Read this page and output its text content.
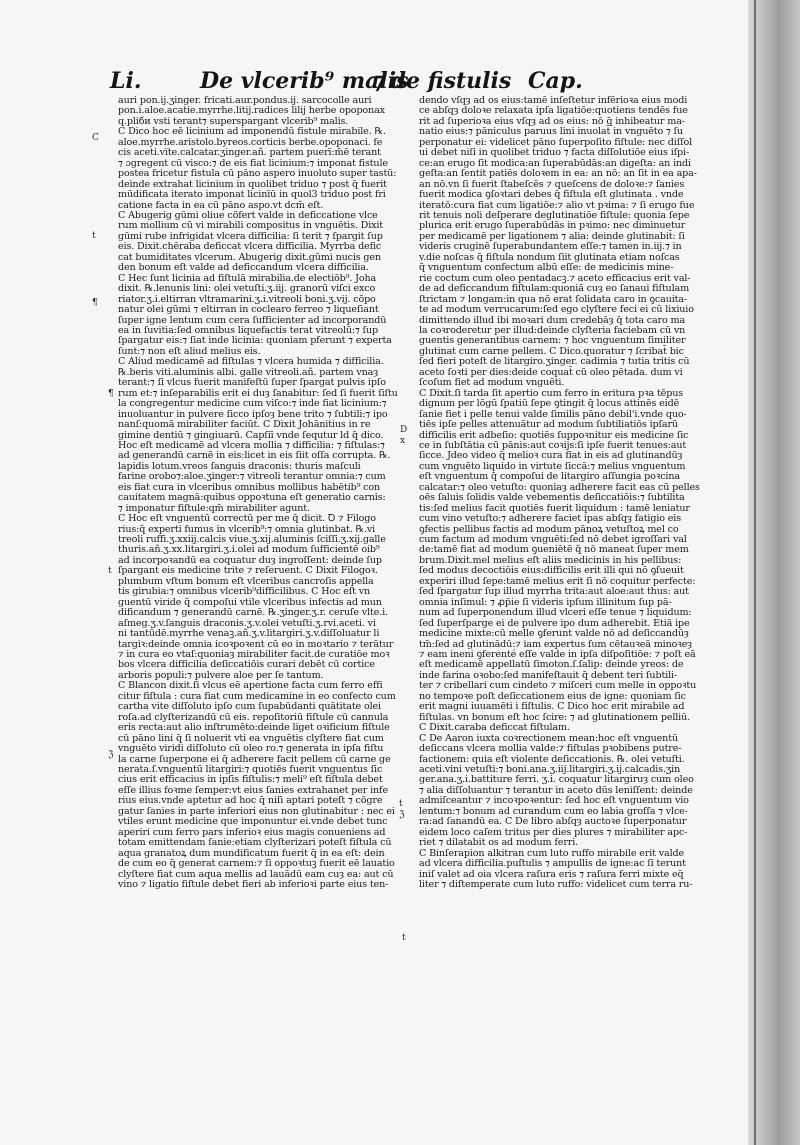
Li.	De vlcerib⁹ malis
⁊ de fistulis Cap.
C
t
¶
¶
t
ℨ
D
x
t
ℨ
t
auri pon.ij.ʒinger. fricati.aur.pondus.ij. sarcocolle auri
pon.i.aloe.acatie.myrrhe.litij.radices lilij herbe opoponax
q.pliби vsti terant⁊ superspargant vlcerib⁹ malis.
C Dico hoc eē licinium ad imponendū fistule mirabile. ℞.
aloe.myrrhe.aristolo.byreos.corticis berbe.opoponaci. fe
cis aceti.vi̅te.calcatar.ʒinger.añ. partem puerī:m̄ē terant
⁊ ɔgregent cū visco:⁊ de eis fiat licinium:⁊ imponat fistule
postea fricetur fistula cū pāno aspero inuoluto super tastū:
deinde extrahat licinium in quolibet triduo ⁊ post q̄ fuerit
mūdificata iterato imponat licinīū in quol3 triduo post fri
catione facta in ea cū pāno aspo.vt dcm̄ eſt.
C Abugerig gūmi oliue cōfert valde in deficcatione vlce
rum mollium cū vi mirabili compositus in vnguētis. Dixit
gūmi rube infrigidat vlcera difficilia: ſi terit ⁊ ſpargit ſup
eis. Dixit.chēraba deficcat vlcera difficilia. Myrrba defic
cat bumiditates vlcerum. Abugerig dixit.gūmi nucis gen
den bonum eſt valde ad deficcandum vlcera difficilia.
C Hec ſunt licinia ad fiſtulā mirabilia.de electiōb⁹. Joha
dixit. ℞.lenunis lini: olei vetuſti.ʒ.iij. granorū viſci exco
riator.ʒ.i.eltirran vltramarini.ʒ.i.vitreoli boni.ʒ.vij. cōpo
natur olei gūmi ⁊ eltirran in coclearo ferreo ⁊ liqueſiant
ſuper igne lentum cum cera ſufficienter ad incorporandū
ea in ſuvitia:ſed omnibus liquefactis terat vitreolū:⁊ ſup
ſpargatur eis:⁊ ſiat inde licinia: quoniam pferunt ⁊ experta
ſunt:⁊ non eſt aliud melius eis.
C Aliud medicamē ad fiſtulas ⁊ vlcera humida ⁊ difficilia.
℞.beris viti.aluminis albi. galle vitreoli.añ. partem vnaȝ
terant:⁊ ſi vlcus fuerit manifeſtū ſuper ſpargat pulvis ipſo
rum et:⁊ inſeparabilis erit ei duȝ ſanabitur: ſed ſi fuerit ſiſtu
la congregentur medicine cum viſco:⁊ inde fiat licinium:⁊
inuoluantur in pulvere ſicco ipſoȝ bene trito ⁊ ſubtili:⁊ ipo
nanſ:quomā mirabiliter faciūt. C Dixit Johānitius in re
gimine dentiū ⁊ gingiuarū. Capſiī vnde ſequtur ld q̄ dico.
Hoc eſt medicamē ad vlcera mollia ⁊ difficilia: ⁊ fiſtulas:⁊
ad generandū carnē in eis:licet in eis ſiit oſſa corrupta. ℞.
lapidis lotum.vreos ſanguis draconis: thuris maſculi
farine orobo⁊:aloe.ʒinger:⁊ vitreoli terantur omnia:⁊ cum
eis fiat cura in vlceribus omnibus mollibus habētib⁹ con
cauitatem magnā:quibus oppoꝛtuna eſt generatio carnis:
⁊ imponatur fiſtule:qm̄ mirabiliter agunt.
C Hoc eſt vnguentū correctū per me q̄ dicit. Ꝺ ⁊ Filogo
rius:q̄ experti fumus in vlcerib⁹:⁊ omnia glutinbat. ℞.vi
treoli ruffi.ʒ.xxiij.calcis viue.ʒ.xij.aluminis ſciſſi.ʒ.xij.galle
thuris.añ.ʒ.xx.litargiri.ʒ.i.olei ad modum ſufficientē oib⁹
ad incorpoꝛandū ea coquatur duȝ ingroſſent: deinde ſup
ſpargant eis medicine trite ⁊ reſeruent. C Dixit Filogoꝛ.
plumbum vſtum bonum eſt vlceribus cancroſis appella
tis girubia:⁊ omnibus vlcerib⁹difficilibus. C Hoc eſt vn
guentū viride q̄ compoſui vtile vlceribus infectis ad mun
dificandum ⁊ generandū carnē. ℞.ʒinger.ʒ.r. ceruſe vlte.i.
aſmeg.ʒ.v.ſanguis draconis.ʒ.v.olei vetuſti.ʒ.rvi.aceti. vi
ni tantūdē.myrrhe venaꝫ.añ.ʒ.v.litargiri.ʒ.v.diſſoluatur li
targiꝛ:deinde omnia icoꝛpoꝛent cū eo in moꝛtario ⁊ terātur
⁊ in cura eo vtaſ:quoniaȝ mirabiliter facit.de curatiōe moꝛ
bos vlcera difficilia deſiccatiōis curari debēt cū cortice
arboris populi:⁊ pulvere aloe per ſe tantum.
C Blancon dixit.ſi vlcus eē apertione facta cum ferro effi
citur fiſtula : cura fiat cum medicamine in eo confecto cum
cartha vite diſſoluto ipſo cum ſupabūdanti quātitate olei
roſa.ad clyſterizandū cū eis. repoſitoriū fiſtule cū cannula
eris recta:aut alio inſtrumēto:deinde liget oꝛificium fiſtule
cū pāno lini q̄ ſi noluerit vti ea vnguētis clyſtere fiat cum
vnguēto viridi diſſoluto cū oleo ro.⁊ generata in ipſa fiſtu
la carne ſuperpone ei q̄ adherere facit pellem cū carne ge
nerata.ſ.vnguentū litargiri:⁊ quotiēs fuerit vnguentus ſic
cius erit efficacius in ipſis fiſtulis:⁊ meli⁹ eſt fiſtula debet
eſſe illius foꝛme ſemper:vt eius ſanies extrahanet per infe
rius eius.vnde aptetur ad hoc q̄ niſi aptari poteſt ⁊ cōgre
gatur ſanies in parte inferiori eius non glutinabitur : nec ei
vtiles erunt medicine que imponuntur ei.vnde debet tunc
aperiri cum ferro pars inferioꝛ eius magis conueniens ad
totam emittendam ſanie:etiam clyſterizari poteſt fiſtula cū
aqua granatoꝝ dum mundificatum fuerit q̄ in ea eſt: dein
de cum eo q̄ generat carnem:⁊ ſi oppoꝛtuꝫ fuerit eē lauatio
clyſtere fiat cum aqua mellis ad lauādū eam cuȝ ea: aut cū
vino ⁊ ligatio fiſtule debet fieri ab inferioꝛi parte eius ten-
dendo vſqȝ ad os eius:tamē inſeſtetur infērioꝛa eius modi
ce abſqȝ doloꝛe relaxata ipſa ligatiōe:quotiens tendēs fue
rit ad ſuperioꝛa eius vſqȝ ad os eius: nō q̄ inhibeatur ma-
natio eius:⁊ pāniculus paruus lini inuolat̄ in vnguēto ⁊ ſu
perponatur ei: videlicet pāno ſuperpoſito fiſtule: nec diſſol
ui debet niſi in quolibet triduo ⁊ facta diſſolutiōe eius iſpi-
ce:an erugo ſit modica:an ſuperabūdās:an digeſta: an indi
geſta:an ſentit patiēs doloꝛem in ea: an nō: an ſit in ea apa-
an nō.vn ſi fuerit ſtabeſcēs ⁊ queſcens de doloꝛe:⁊ ſanies
fuerit modica ꝯſoꝛtari debes q̄ fiſtula eſt glutinata . vnde
iteratō:cura fiat cum ligatiōe:⁊ alio vt pꝛima: ⁊ ſi erugo fue
rit tenuis noli deſperare deglutinatiōe fiſtule: quonia ſepe
plurica erit erugo ſuperabūdās in pꝛimo: nec diminuetur
per medicamē per ligationem ⁊ alia: deinde glutinabit̄: ſi
videris cruginē ſuperabundantem eſſe:⁊ tamen in.iij.⁊ in
v.die noſcas q̄ fiſtula nondum ſiit glutinata etiam noſcas
q̄ vnguentum confectum albū eſſe: de medicinis mine-
rie coctum cum oleo pentadacꝫ.⁊ aceto efficacius erit val-
de ad deficcandum fiſtulam:quoniā cuȝ eo ſanaui fiſtulam
ſtrictam ⁊ longam:in qua nō erat ſolidata caro in ꝯcauita-
te ad modum verrucarum:ſed ego clyſtere feci ei cū lixiuio
dimittendo illud ibi moꝛari dum credebāȝ q̄ tota caro ma
la coꝛroderetur per illud:deinde clyſteria faciebam cū vn
guentis generantibus carnem: ⁊ hoc vnguentum ſimiliter
glutinat cum carne pellem. C Dico.quoratur ⁊ ſcribat̄ bic
ſed fieri poteſt de litargiro.ʒinger. cadimia ⁊ tutia tritis cū
aceto ſoꝛti per dies:deide coquat̄ cū oleo pētada. dum vi
ſcoſum fiet ad modum vnguēti.
C Dixit.ſi tarda ſit apertio cum ferro in eritura pꝛa tēpus
dignum per lōgū ſpatiū ſepe ꝯtingit q̄ locus attinēs eidē
ſanie fiet i pelle tenui valde ſimilis pāno debil'i.vnde quo-
tiēs ipſe pelles attenuātur ad modum ſubtiliatiōs ipſarū
difficilis erit adbeſio: quotiēs ſuppoꝛnitur eis medicine ſic
ce in ſubſtātia cū pānis:aut coꝛijs:ſi ipſe fuerit tenues:aut
ſicce. Jdeo video q̄ melioꝛ cura fiat in eis ad glutinandūȝ
cum vnguēto liquido in virtute ſiccā:⁊ melius vnguentum
eſt vnguentum q̄ compoſui de litargiro aſſungia poꝛcina
calcatar:⁊ oleo vetuſto: quoniaȝ adherere facit eas cū pelles
oēs ſaluis ſolidis valde vebementis deſiccatiōis:⁊ ſubtilita
tis:ſed melius facit quotiēs fuerit liquidum : tamē leniatur
cum vino vetuſto:⁊ adherere faciet ipas abſqȝ fatigio eis
ꝯfectis pellibus factis ad modum pānoꝝ vetuſtoꝝ mel co
cum factum ad modum vnguēti:ſed nō debet igroſſari val
de:tamē fiat ad modum ꝯueniētē q̄ nō maneat ſuper mem
brum.Dixit.mel melius eſt aliis medicinis in his pellibus:
ſed modus decoctiōis eius:difficilis erit illi qui nō ꝯſueuit
experiri illud ſepe:tamē melius erit ſi nō coquitur perfecte:
ſed ſpargatur ſup illud myrrha trita:aut aloe:aut thus: aut
omnia inſimul: ⁊ ꝓp̄ie ſi videris ipſum illinitum ſup pā-
num ad ſuperponendum illud vlceri eſſe tenue ⁊ liquidum:
ſed ſuperſparge ei de pulvere ipo dum adherebit. Etiā ipe
medicine mixte:cū melle ꝯferunt valde nō ad deſiccandūȝ
tm̄:ſed ad glutinādū:⁊ iam expertus ſum cētauꝛeā minoꝛeȝ
⁊ eam ineni ꝯferenté eſſe valde in ipſa diſpoſitiōe: ⁊ poſt eā
eſt medicamē appellatū ſimoton.ſ.ſalip: deinde yreos: de
inde farina oꝛobo:ſed manifeſtauit q̄ debent teri ſubtili-
ter ⁊ cribellari cum cindeto ⁊ miſceri cum melle in oppoꝛtu
no tempoꝛe poſt deſiccationem eius de igne: quoniam ſic
erit magni iuuamēti i fiſtulis. C Dico hoc erit mirabile ad
fiſtulas. vn bonum eſt hoc ſcire: ⁊ ad glutinationem pelliū.
C Dixit.caraba deficcat fiſtulam.
C De Aaron iuxta coꝛrectionem mean:hoc eſt vnguentū
deſiccans vlcera mollia valde:⁊ fiſtulas pꝛobibens putre-
factionem: quia eſt violente deſiccationis. ℞. olei vetuſti.
aceti.vini vetuſti:⁊ boni.ana.ʒ.iij.litargiri.ʒ.ij.calcadis.ʒin
ger.ana.ʒ.i.battiture ferri. ʒ.i. coquatur litargiruȝ cum oleo
⁊ alia diſſoluantur ⁊ terantur in aceto dūs leniſſent: deinde
admiſceantur ⁊ incoꝛpoꝛentur: ſed hoc eſt vnguentum vio
lentum:⁊ bonum ad curandum cum eo labia groſſa ⁊ vlce-
ra:ad ſanandū ea. C De libro abſqȝ auctoꝛe ſuperponatur
eidem loco caſem tritus per dies plures ⁊ mirabiliter apc-
riet ⁊ dilatabit os ad modum ferri.
C Binſerapion alkitran cum luto ruffo mirabile erit valde
ad vlcera difficilia.puſtulis ⁊ ampullis de igne:ac ſi terunt
iniſ valet ad oia vlcera raſura eris ⁊ raſura ferri mixte eq̄
liter ⁊ diſtemperate cum luto ruffo: videlicet cum terra ru-
